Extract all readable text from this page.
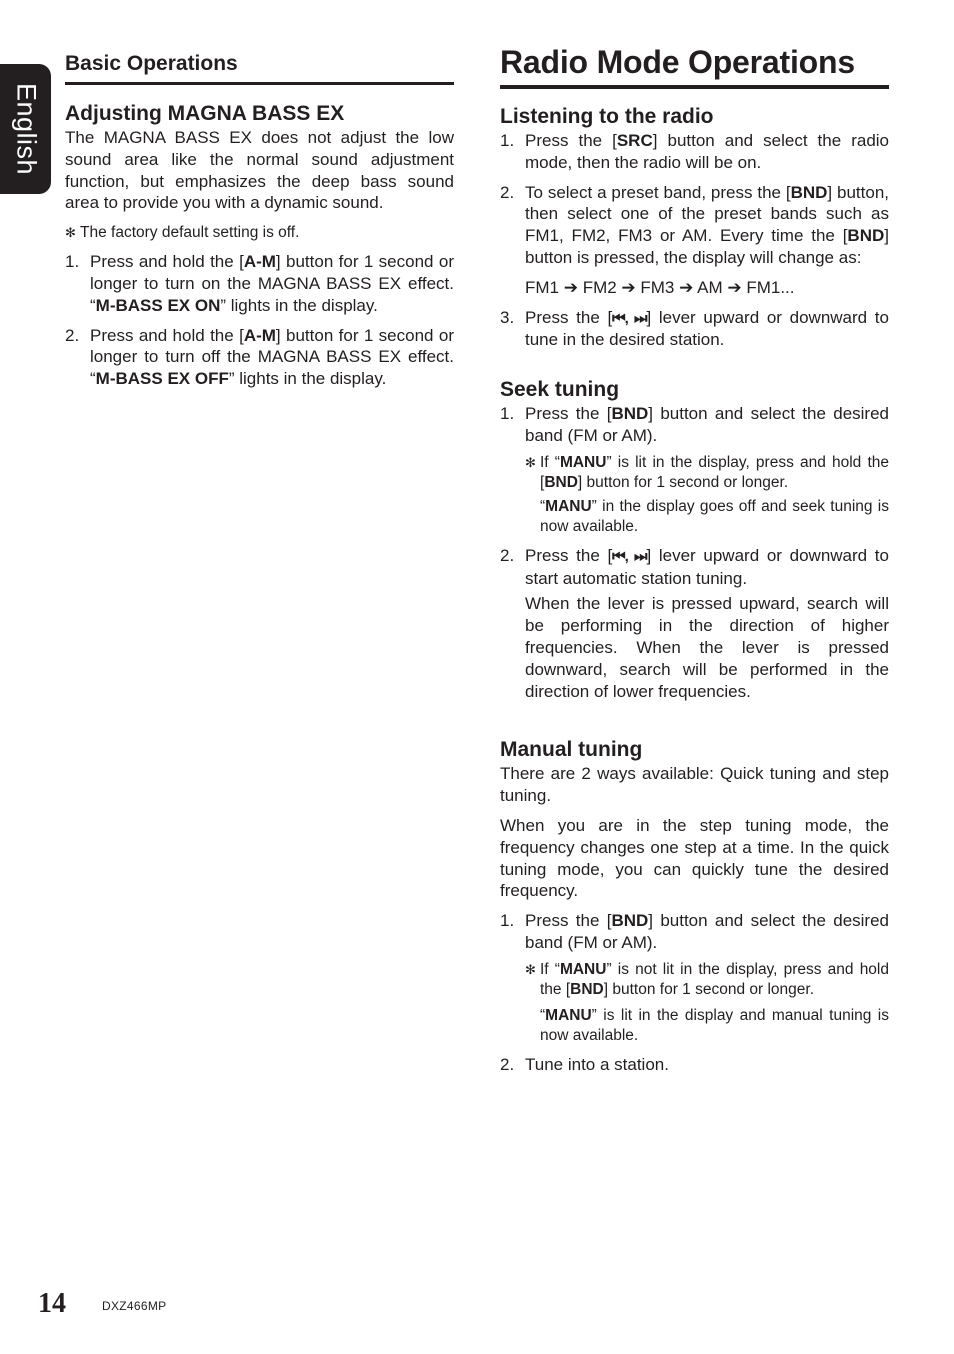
English
Basic Operations
Adjusting MAGNA BASS EX

The MAGNA BASS EX does not adjust the low sound area like the normal sound adjustment function, but emphasizes the deep bass sound area to provide you with a dynamic sound.

✻ The factory default setting is off.
1. Press and hold the [A-M] button for 1 second or longer to turn on the MAGNA BASS EX effect. “M-BASS EX ON” lights in the display.
2. Press and hold the [A-M] button for 1 second or longer to turn off the MAGNA BASS EX effect. “M-BASS EX OFF” lights in the display.
Radio Mode Operations
Listening to the radio
1. Press the [SRC] button and select the radio mode, then the radio will be on.
2. To select a preset band, press the [BND] button, then select one of the preset bands such as FM1, FM2, FM3 or AM. Every time the [BND] button is pressed, the display will change as:
FM1 ➔ FM2 ➔ FM3 ➔ AM ➔ FM1...
3. Press the [⏮, ⏭] lever upward or downward to tune in the desired station.
Seek tuning
1. Press the [BND] button and select the desired band (FM or AM).
✻ If “MANU” is lit in the display, press and hold the [BND] button for 1 second or longer.
“MANU” in the display goes off and seek tuning is now available.
2. Press the [⏮, ⏭] lever upward or downward to start automatic station tuning.
When the lever is pressed upward, search will be performing in the direction of higher frequencies. When the lever is pressed downward, search will be performed in the direction of lower frequencies.
Manual tuning

There are 2 ways available: Quick tuning and step tuning.

When you are in the step tuning mode, the frequency changes one step at a time. In the quick tuning mode, you can quickly tune the desired frequency.

1. Press the [BND] button and select the desired band (FM or AM).
✻ If “MANU” is not lit in the display, press and hold the [BND] button for 1 second or longer.
“MANU” is lit in the display and manual tuning is now available.
2. Tune into a station.
14	DXZ466MP
